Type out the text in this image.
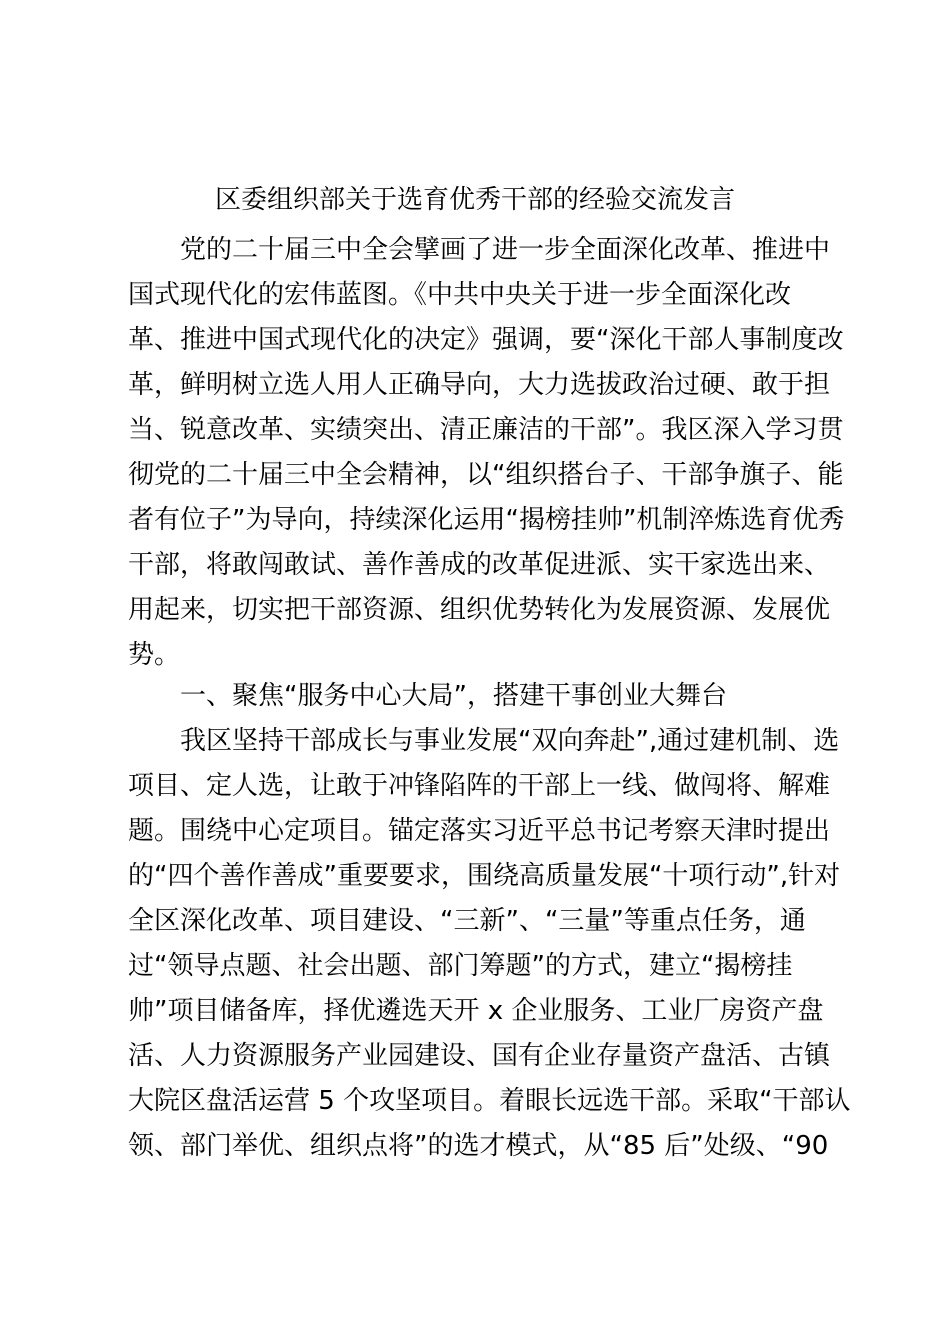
区委组织部关于选育优秀干部的经验交流发言
党的二十届三中全会擘画了进一步全面深化改革、推进中
国式现代化的宏伟蓝图。《中共中央关于进一步全面深化改
革、推进中国式现代化的决定》强调，要“深化干部人事制度改
革，鲜明树立选人用人正确导向，大力选拔政治过硬、敢于担
当、锐意改革、实绩突出、清正廉洁的干部”。我区深入学习贯
彻党的二十届三中全会精神，以“组织搭台子、干部争旗子、能
者有位子”为导向，持续深化运用“揭榜挂帅”机制淬炼选育优秀
干部，将敢闯敢试、善作善成的改革促进派、实干家选出来、
用起来，切实把干部资源、组织优势转化为发展资源、发展优
势。
一、聚焦“服务中心大局”，搭建干事创业大舞台
我区坚持干部成长与事业发展“双向奔赴”,通过建机制、选
项目、定人选，让敢于冲锋陷阵的干部上一线、做闯将、解难
题。围绕中心定项目。锚定落实习近平总书记考察天津时提出
的“四个善作善成”重要要求，围绕高质量发展“十项行动”,针对
全区深化改革、项目建设、“三新”、“三量”等重点任务，通
过“领导点题、社会出题、部门筹题”的方式，建立“揭榜挂
帅”项目储备库，择优遴选天开 x 企业服务、工业厂房资产盘
活、人力资源服务产业园建设、国有企业存量资产盘活、古镇
大院区盘活运营 5 个攻坚项目。着眼长远选干部。采取“干部认
领、部门举优、组织点将”的选才模式，从“85 后”处级、“90
